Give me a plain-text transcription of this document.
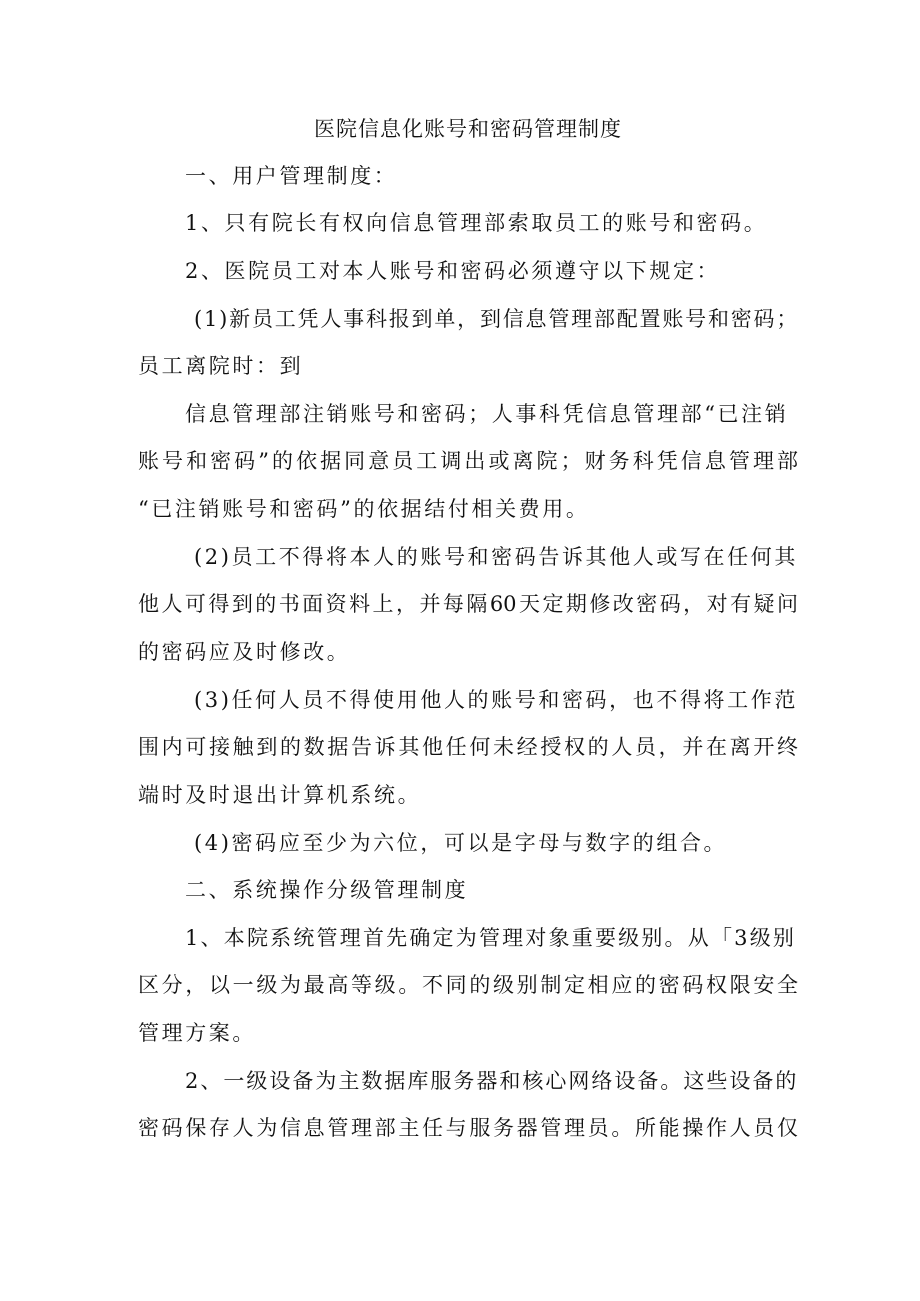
医院信息化账号和密码管理制度
一、用户管理制度：
1、只有院长有权向信息管理部索取员工的账号和密码。
2、医院员工对本人账号和密码必须遵守以下规定：
(1)新员工凭人事科报到单，到信息管理部配置账号和密码；
员工离院时：到
信息管理部注销账号和密码；人事科凭信息管理部“已注销
账号和密码”的依据同意员工调出或离院；财务科凭信息管理部
“已注销账号和密码”的依据结付相关费用。
(2)员工不得将本人的账号和密码告诉其他人或写在任何其
他人可得到的书面资料上，并每隔60天定期修改密码，对有疑问
的密码应及时修改。
(3)任何人员不得使用他人的账号和密码，也不得将工作范
围内可接触到的数据告诉其他任何未经授权的人员，并在离开终
端时及时退出计算机系统。
(4)密码应至少为六位，可以是字母与数字的组合。
二、系统操作分级管理制度
1、本院系统管理首先确定为管理对象重要级别。从「3级别
区分，以一级为最高等级。不同的级别制定相应的密码权限安全
管理方案。
2、一级设备为主数据库服务器和核心网络设备。这些设备的
密码保存人为信息管理部主任与服务器管理员。所能操作人员仅
